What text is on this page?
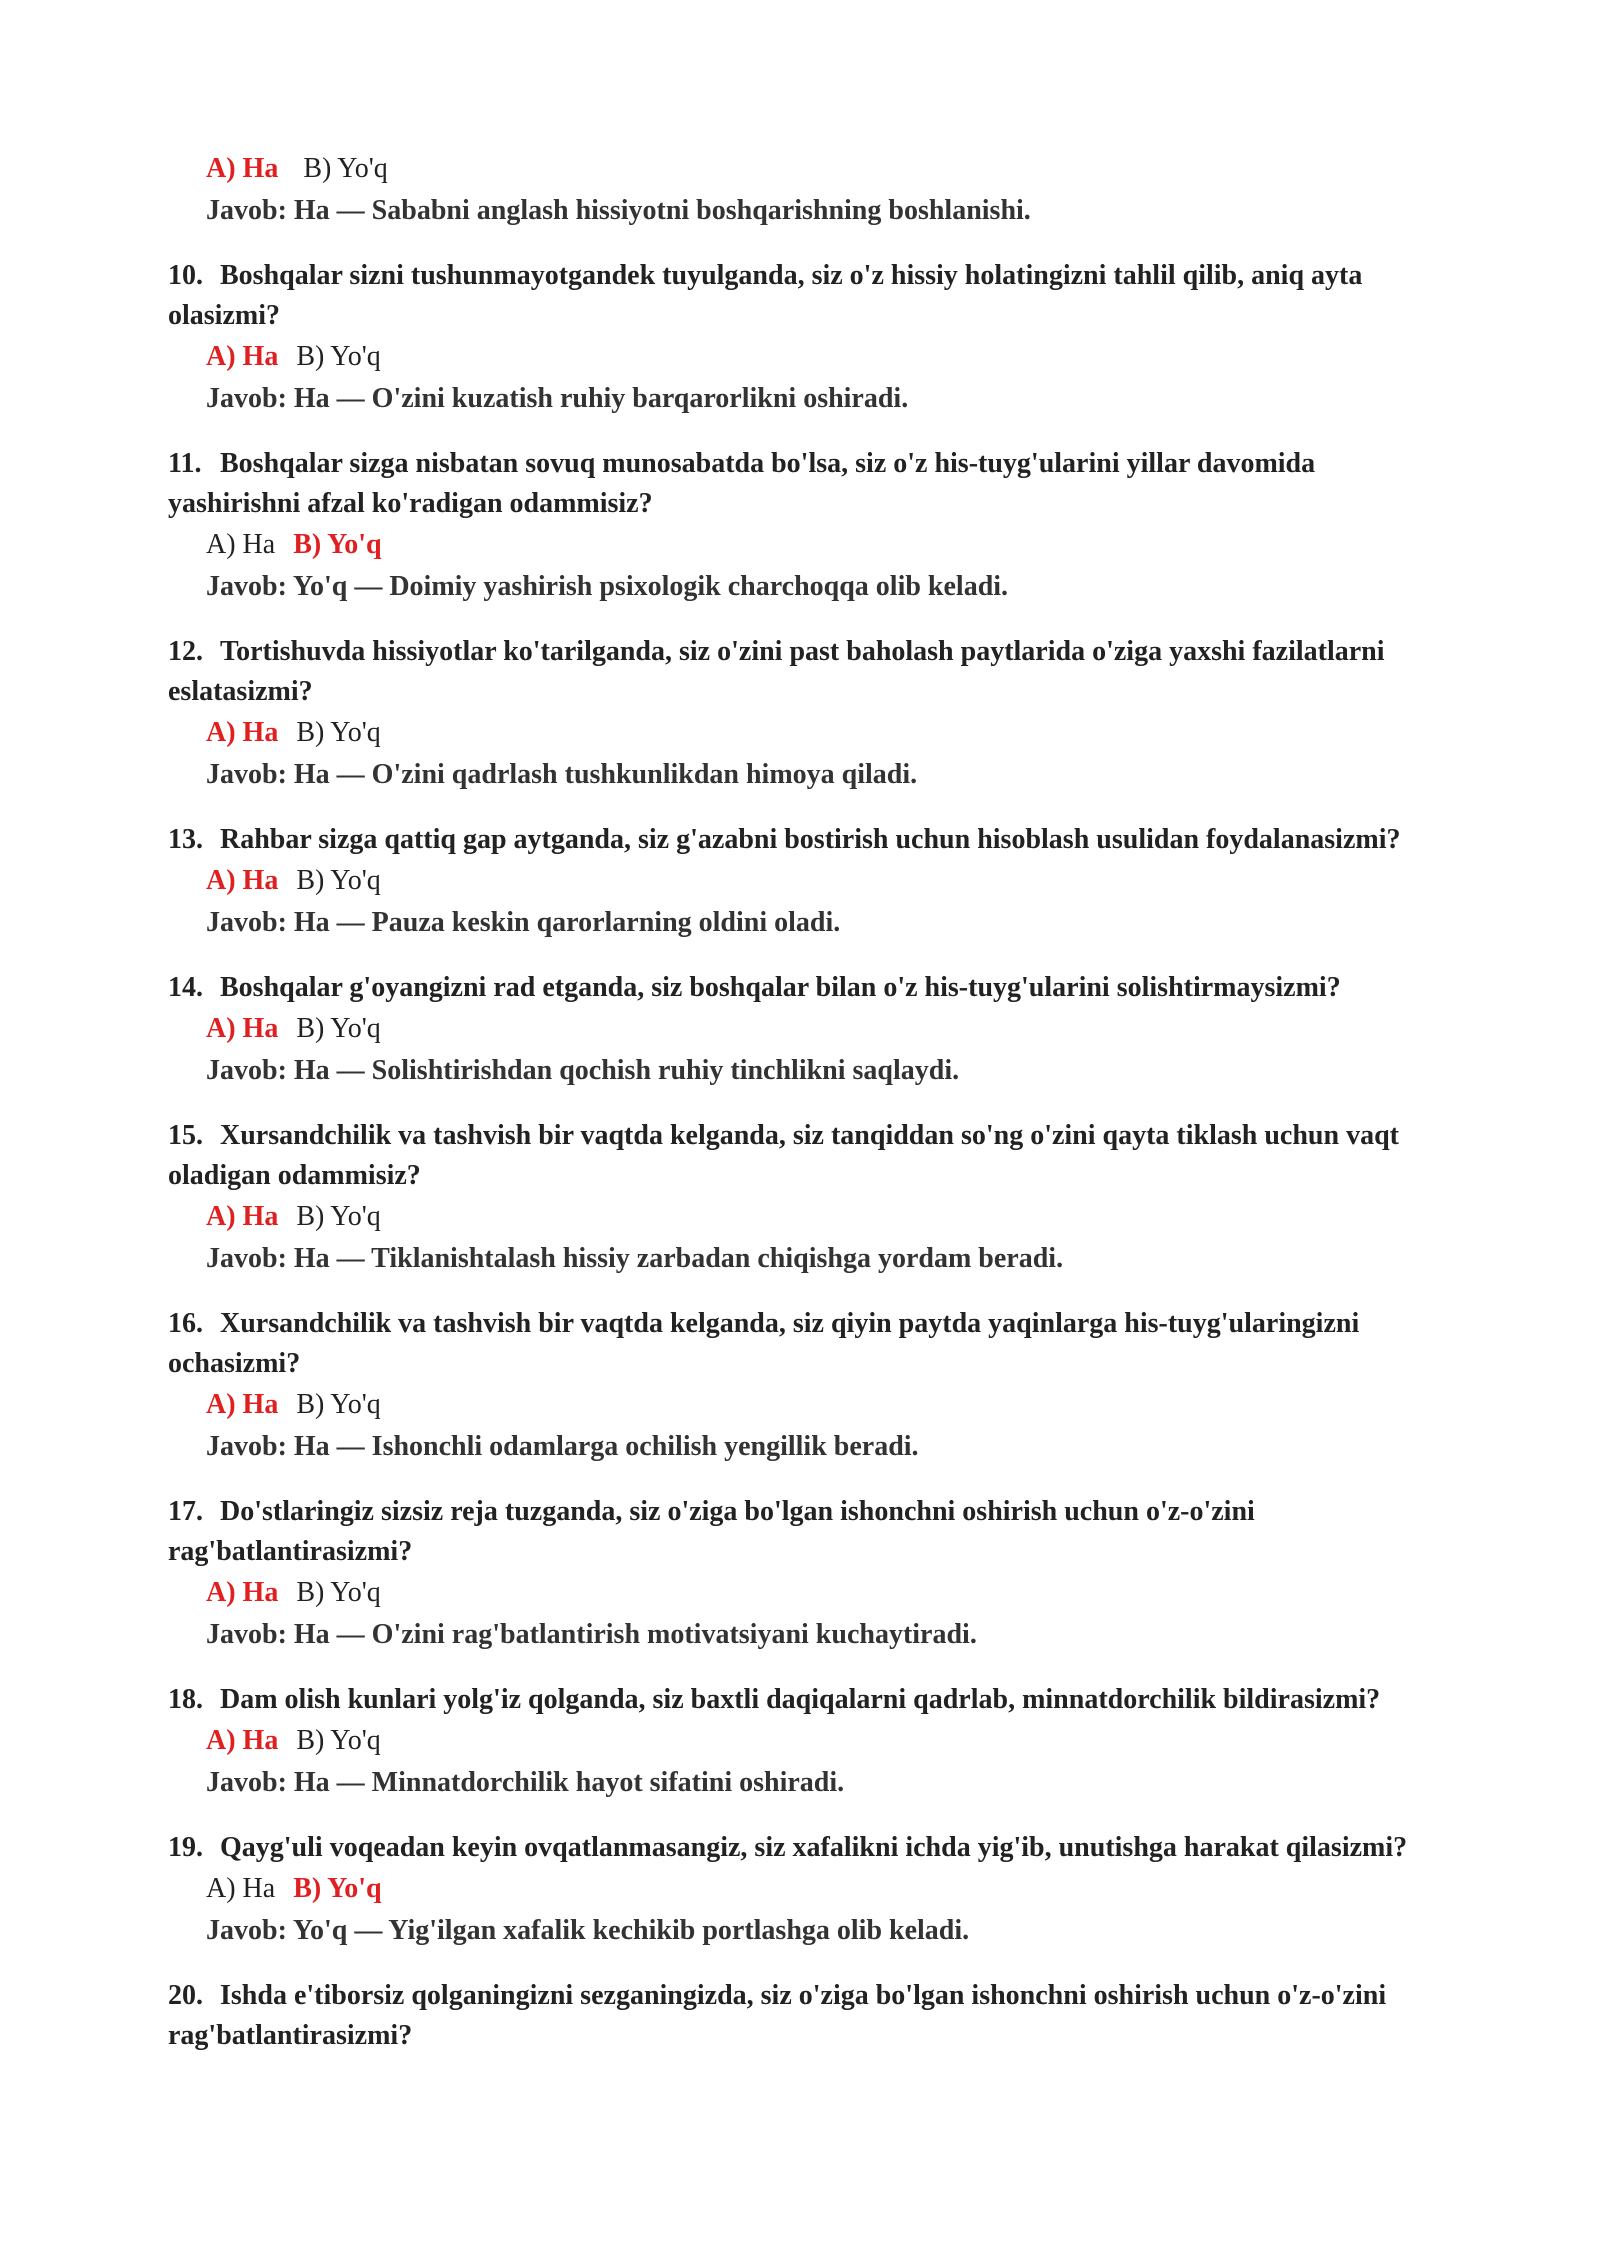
A) Ha B) Yo'q
Javob: Ha — Sababni anglash hissiyotni boshqarishning boshlanishi.

10. Boshqalar sizni tushunmayotgandek tuyulganda, siz o'z hissiy holatingizni tahlil qilib, aniq ayta olasizmi?

A) Ha B) Yo'q
Javob: Ha — O'zini kuzatish ruhiy barqarorlikni oshiradi.

11. Boshqalar sizga nisbatan sovuq munosabatda bo'lsa, siz o'z his-tuyg'ularini yillar davomida yashirishni afzal ko'radigan odammisiz?

A) Ha B) Yo'q
Javob: Yo'q — Doimiy yashirish psixologik charchoqqa olib keladi.

12. Tortishuvda hissiyotlar ko'tarilganda, siz o'zini past baholash paytlarida o'ziga yaxshi fazilatlarni eslatasizmi?

A) Ha B) Yo'q
Javob: Ha — O'zini qadrlash tushkunlikdan himoya qiladi.

13. Rahbar sizga qattiq gap aytganda, siz g'azabni bostirish uchun hisoblash usulidan foydalanasizmi?

A) Ha B) Yo'q
Javob: Ha — Pauza keskin qarorlarning oldini oladi.

14. Boshqalar g'oyangizni rad etganda, siz boshqalar bilan o'z his-tuyg'ularini solishtirmaysizmi?

A) Ha B) Yo'q
Javob: Ha — Solishtirishdan qochish ruhiy tinchlikni saqlaydi.

15. Xursandchilik va tashvish bir vaqtda kelganda, siz tanqiddan so'ng o'zini qayta tiklash uchun vaqt oladigan odammisiz?

A) Ha B) Yo'q
Javob: Ha — Tiklanishtalash hissiy zarbadan chiqishga yordam beradi.

16. Xursandchilik va tashvish bir vaqtda kelganda, siz qiyin paytda yaqinlarga his-tuyg'ularingizni ochasizmi?

A) Ha B) Yo'q
Javob: Ha — Ishonchli odamlarga ochilish yengillik beradi.

17. Do'stlaringiz sizsiz reja tuzganda, siz o'ziga bo'lgan ishonchni oshirish uchun o'z-o'zini rag'batlantirasizmi?

A) Ha B) Yo'q
Javob: Ha — O'zini rag'batlantirish motivatsiyani kuchaytiradi.

18. Dam olish kunlari yolg'iz qolganda, siz baxtli daqiqalarni qadrlab, minnatdorchilik bildirasizmi?

A) Ha B) Yo'q
Javob: Ha — Minnatdorchilik hayot sifatini oshiradi.

19. Qayg'uli voqeadan keyin ovqatlanmasangiz, siz xafalikni ichda yig'ib, unutishga harakat qilasizmi?

A) Ha B) Yo'q
Javob: Yo'q — Yig'ilgan xafalik kechikib portlashga olib keladi.

20. Ishda e'tiborsiz qolganingizni sezganingizda, siz o'ziga bo'lgan ishonchni oshirish uchun o'z-o'zini rag'batlantirasizmi?
